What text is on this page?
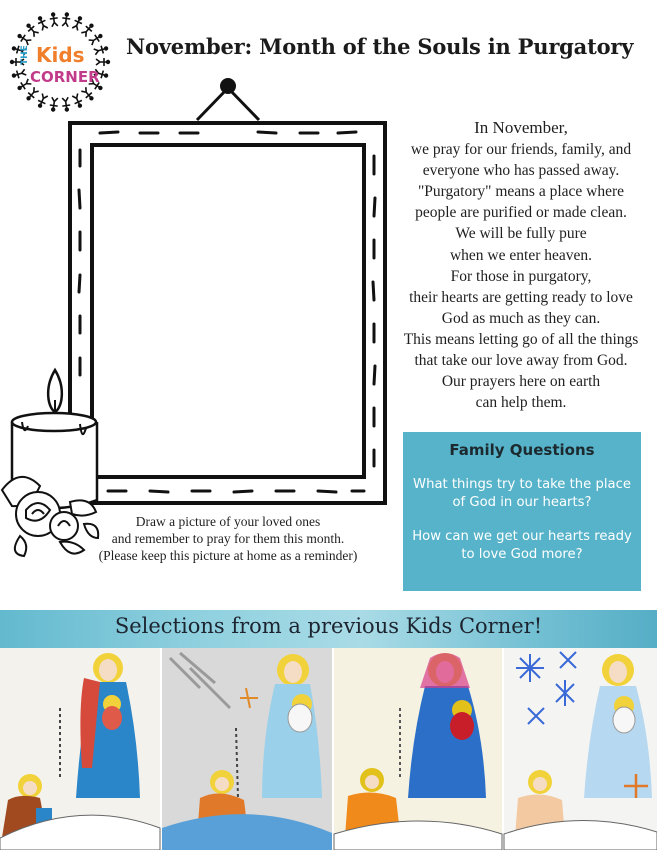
THE Kids
CORNER
November: Month of the Souls in Purgatory
In November,
we pray for our friends, family, and
everyone who has passed away.
"Purgatory" means a place where
people are purified or made clean.
We will be fully pure
when we enter heaven.
For those in purgatory,
their hearts are getting ready to love
God as much as they can.
This means letting go of all the things
that take our love away from God.
Our prayers here on earth
can help them.
Family Questions
What things try to take the place of God in our hearts?
How can we get our hearts ready to love God more?
Draw a picture of your loved ones
and remember to pray for them this month.
(Please keep this picture at home as a reminder)
Selections from a previous Kids Corner!
